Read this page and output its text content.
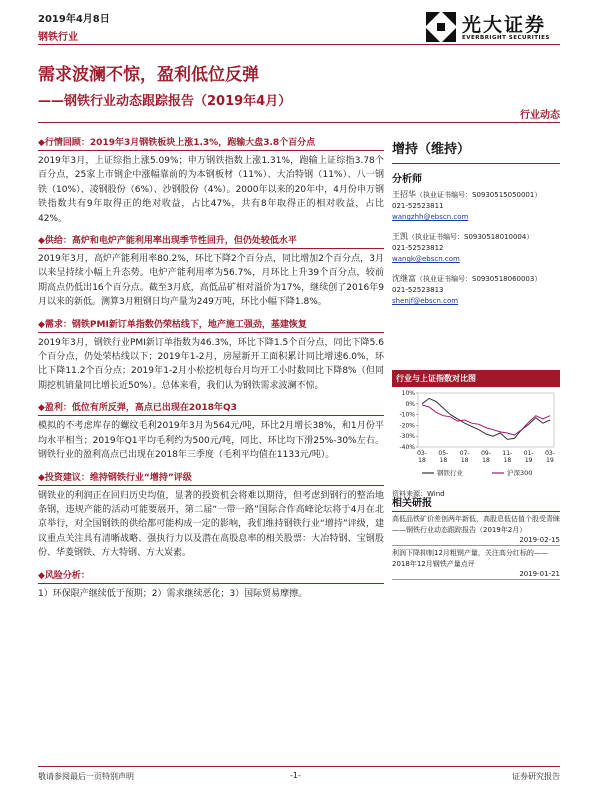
2019年4月8日
钢铁行业
光大证券
EVERBRIGHT SECURITIES
需求波澜不惊，盈利低位反弹
——钢铁行业动态跟踪报告（2019年4月）
行业动态
◆行情回顾：2019年3月钢铁板块上涨1.3%，跑输大盘3.8个百分点
2019年3月，上证综指上涨5.09%；申万钢铁指数上涨1.31%，跑输上证综指3.78个百分点，25家上市钢企中涨幅靠前的为本钢板材（11%）、大冶特钢（11%）、八一钢铁（10%）、凌钢股份（6%）、沙钢股份（4%）。2000年以来的20年中，4月份申万钢铁指数共有9年取得正的绝对收益，占比47%，共有8年取得正的相对收益，占比42%。
◆供给：高炉和电炉产能利用率出现季节性回升，但仍处较低水平
2019年3月，高炉产能利用率80.2%，环比下降2个百分点，同比增加2个百分点，3月以来呈持续小幅上升态势。电炉产能利用率为56.7%，月环比上升39个百分点，较前期高点仍低出16个百分点。截至3月底，高低品矿相对溢价为17%，继续创了2016年9月以来的新低。测算3月粗钢日均产量为249万吨，环比小幅下降1.8%。
◆需求：钢铁PMI新订单指数仍荣枯线下，地产施工强劲，基建恢复
2019年3月，钢铁行业PMI新订单指数为46.3%，环比下降1.5个百分点，同比下降5.6个百分点，仍处荣枯线以下；2019年1-2月，房屋新开工面积累计同比增速6.0%，环比下降11.2个百分点；2019年1-2月小松挖机每台月均开工小时数同比下降8%（但同期挖机销量同比增长近50%）。总体来看，我们认为钢铁需求波澜不惊。
◆盈利：低位有所反弹，高点已出现在2018年Q3
模拟的不考虑库存的螺纹毛利2019年3月为564元/吨，环比2月增长38%，和1月份平均水平相当；2019年Q1平均毛利约为500元/吨，同比、环比均下滑25%-30%左右。钢铁行业的盈利高点已出现在2018年三季度（毛利平均值在1133元/吨）。
◆投资建议：维持钢铁行业“增持”评级
钢铁业的利润正在回归历史均值，显著的投资机会将难以期待，但考虑到钢行的整治地条钢，违规产能的活动可能要展开，第二届“一带一路”国际合作高峰论坛将于4月在北京举行，对全国钢铁的供给都可能构成一定的影响，我们维持钢铁行业“增持”评级，建议重点关注具有清晰战略、强执行力以及潜在高股息率的相关股票：大冶特钢、宝钢股份、华菱钢铁、方大特钢、方大炭素。
◆风险分析：
1）环保限产继续低于预期；2）需求继续恶化；3）国际贸易摩擦。
增持（维持）
分析师
王招华（执业证书编号：S0930515050001）
021-52523811
wangzhh@ebscn.com
王凯（执业证书编号：S0930518010004）
021-52523812
wangk@ebscn.com
沈继富（执业证书编号：S0930518060003）
021-52523813
shenjf@ebscn.com
行业与上证指数对比图
10%
0%
-10%
-20%
-30%
-40%
03-18
05-18
07-18
09-18
11-18
01-19
03-19
钢铁行业	沪深300
资料来源：Wind
相关研报
高低品铁矿价差创两年新低，高股息低估值个股受青睐——钢铁行业动态跟踪报告（2019年2月）
2019-02-15
利润下降抑制12月粗钢产量，关注高分红标的——2018年12月钢铁产量点评
2019-01-21
敬请参阅最后一页特别声明	-1-	证券研究报告
